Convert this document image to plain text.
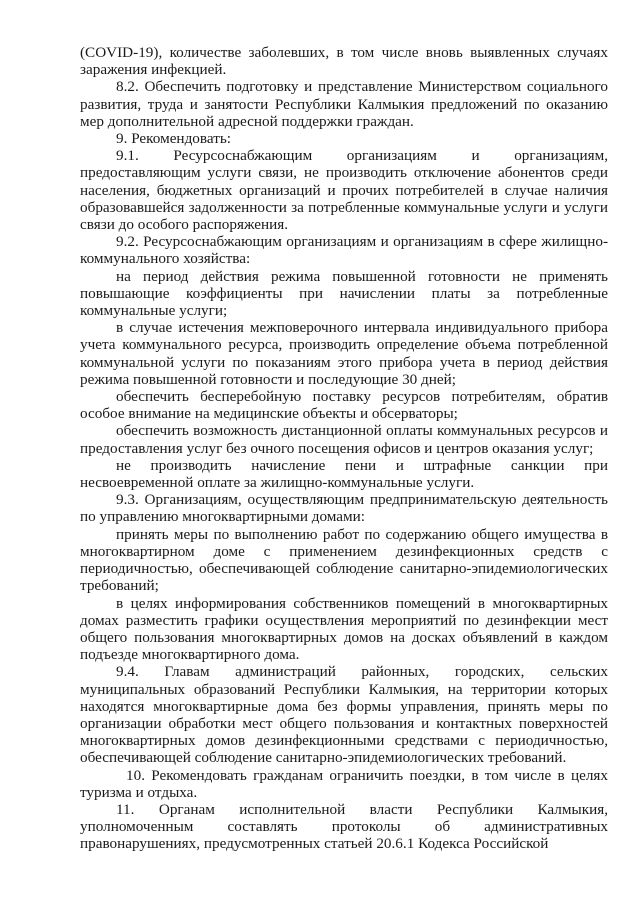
(COVID-19), количестве заболевших, в том числе вновь выявленных случаях заражения инфекцией.

8.2. Обеспечить подготовку и представление Министерством социального развития, труда и занятости Республики Калмыкия предложений по оказанию мер дополнительной адресной поддержки граждан.

9. Рекомендовать:

9.1. Ресурсоснабжающим организациям и организациям, предоставляющим услуги связи, не производить отключение абонентов среди населения, бюджетных организаций и прочих потребителей в случае наличия образовавшейся задолженности за потребленные коммунальные услуги и услуги связи до особого распоряжения.

9.2. Ресурсоснабжающим организациям и организациям в сфере жилищно-коммунального хозяйства:

на период действия режима повышенной готовности не применять повышающие коэффициенты при начислении платы за потребленные коммунальные услуги;

в случае истечения межповерочного интервала индивидуального прибора учета коммунального ресурса, производить определение объема потребленной коммунальной услуги по показаниям этого прибора учета в период действия режима повышенной готовности и последующие 30 дней;

обеспечить бесперебойную поставку ресурсов потребителям, обратив особое внимание на медицинские объекты и обсерваторы;

обеспечить возможность дистанционной оплаты коммунальных ресурсов и предоставления услуг без очного посещения офисов и центров оказания услуг;

не производить начисление пени и штрафные санкции при несвоевременной оплате за жилищно-коммунальные услуги.

9.3. Организациям, осуществляющим предпринимательскую деятельность по управлению многоквартирными домами:

принять меры по выполнению работ по содержанию общего имущества в многоквартирном доме с применением дезинфекционных средств с периодичностью, обеспечивающей соблюдение санитарно-эпидемиологических требований;

в целях информирования собственников помещений в многоквартирных домах разместить графики осуществления мероприятий по дезинфекции мест общего пользования многоквартирных домов на досках объявлений в каждом подъезде многоквартирного дома.

9.4. Главам администраций районных, городских, сельских муниципальных образований Республики Калмыкия, на территории которых находятся многоквартирные дома без формы управления, принять меры по организации обработки мест общего пользования и контактных поверхностей многоквартирных домов дезинфекционными средствами с периодичностью, обеспечивающей соблюдение санитарно-эпидемиологических требований.

10. Рекомендовать гражданам ограничить поездки, в том числе в целях туризма и отдыха.

11. Органам исполнительной власти Республики Калмыкия, уполномоченным составлять протоколы об административных правонарушениях, предусмотренных статьей 20.6.1 Кодекса Российской
